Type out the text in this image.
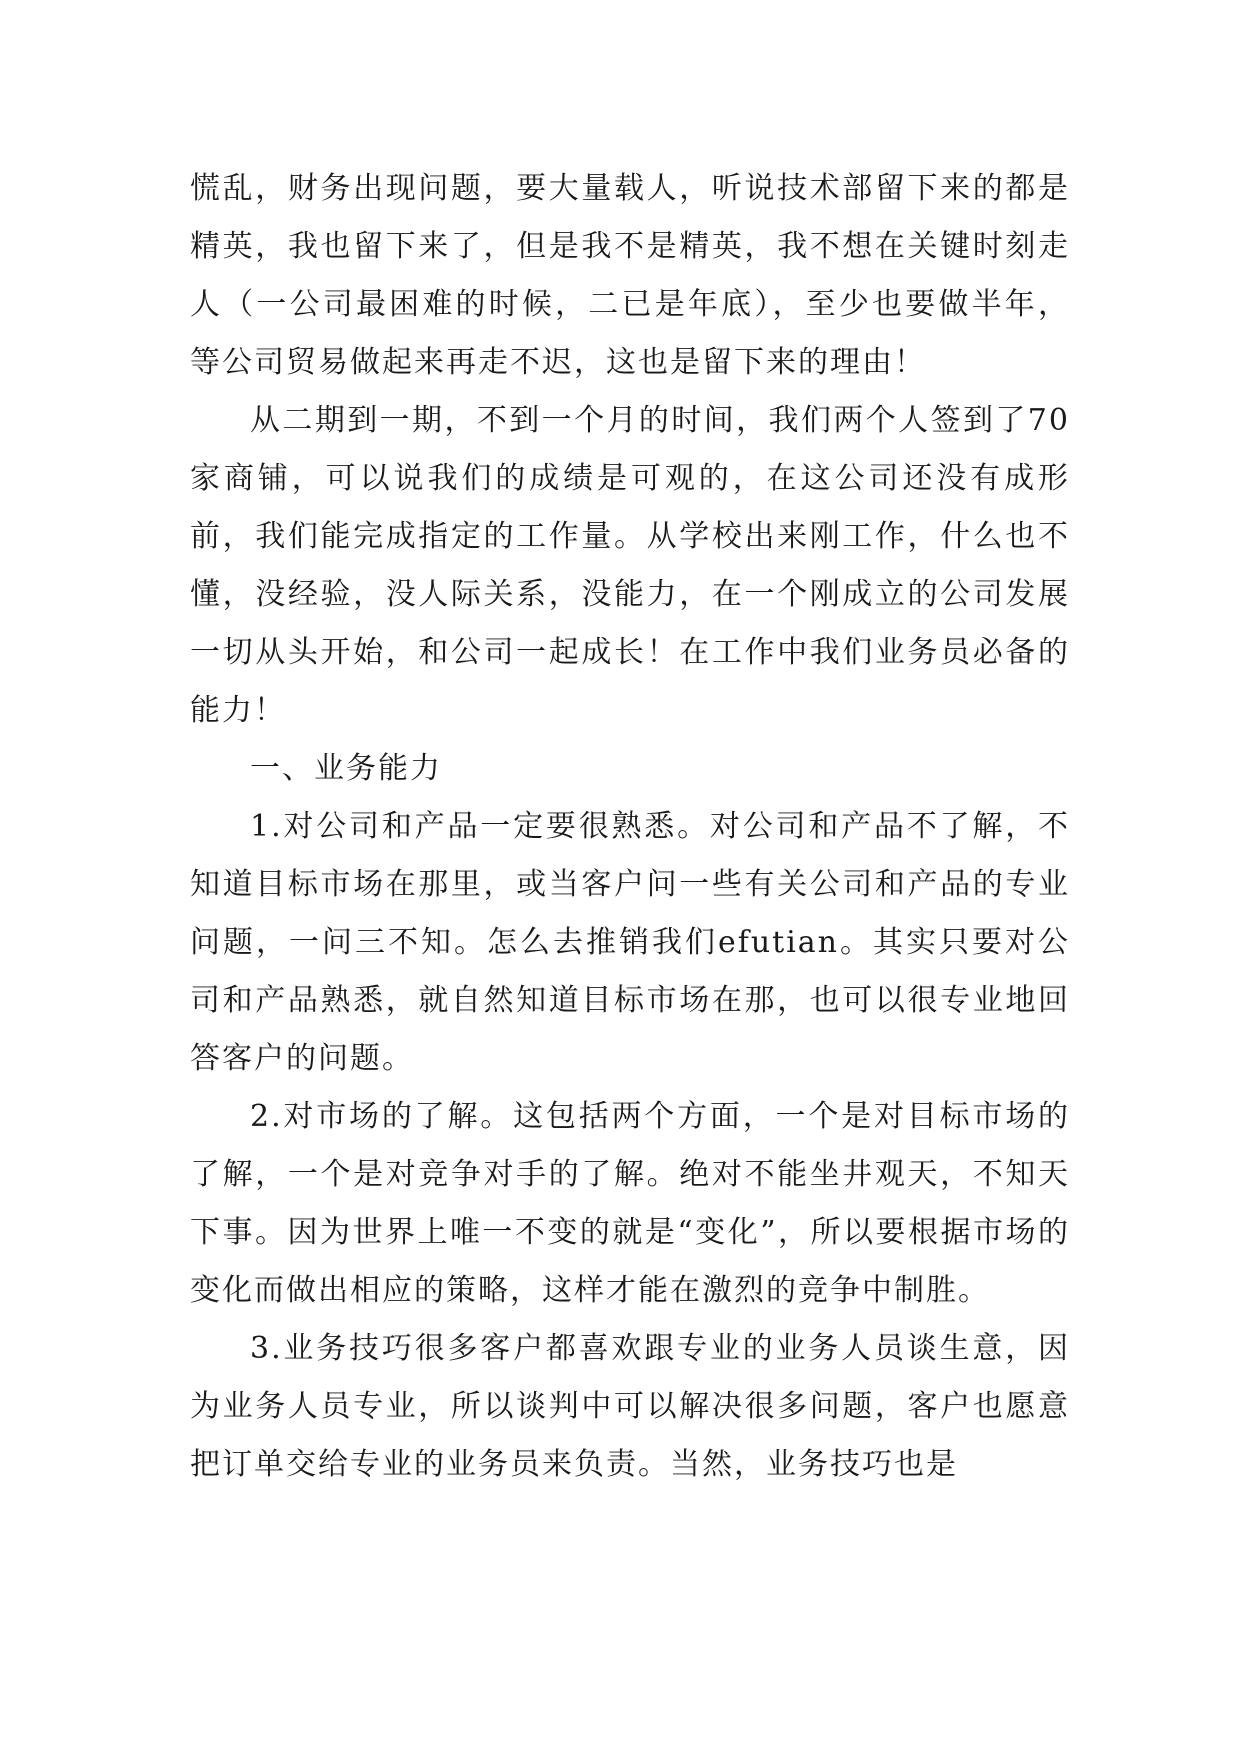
慌乱，财务出现问题，要大量载人，听说技术部留下来的都是精英，我也留下来了，但是我不是精英，我不想在关键时刻走人（一公司最困难的时候，二已是年底），至少也要做半年，等公司贸易做起来再走不迟，这也是留下来的理由！

从二期到一期，不到一个月的时间，我们两个人签到了70家商铺，可以说我们的成绩是可观的，在这公司还没有成形前，我们能完成指定的工作量。从学校出来刚工作，什么也不懂，没经验，没人际关系，没能力，在一个刚成立的公司发展一切从头开始，和公司一起成长！在工作中我们业务员必备的能力！

一、业务能力

1.对公司和产品一定要很熟悉。对公司和产品不了解，不知道目标市场在那里，或当客户问一些有关公司和产品的专业问题，一问三不知。怎么去推销我们efutian。其实只要对公司和产品熟悉，就自然知道目标市场在那，也可以很专业地回答客户的问题。

2.对市场的了解。这包括两个方面，一个是对目标市场的了解，一个是对竞争对手的了解。绝对不能坐井观天，不知天下事。因为世界上唯一不变的就是“变化”，所以要根据市场的变化而做出相应的策略，这样才能在激烈的竞争中制胜。

3.业务技巧很多客户都喜欢跟专业的业务人员谈生意，因为业务人员专业，所以谈判中可以解决很多问题，客户也愿意把订单交给专业的业务员来负责。当然，业务技巧也是
